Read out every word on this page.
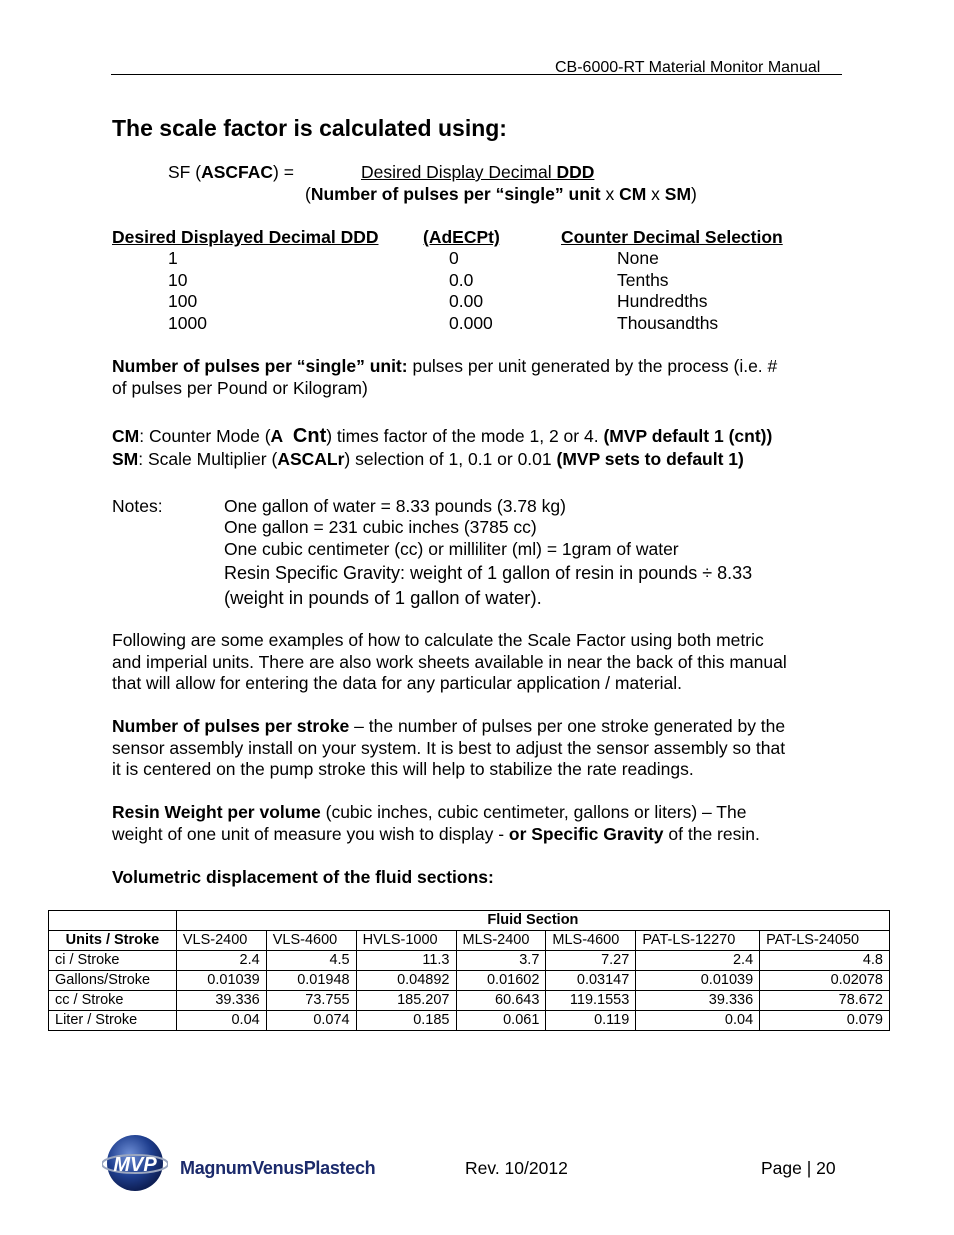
CB-6000-RT Material Monitor Manual
The scale factor is calculated using:
SF (ASCFAC) =	Desired Display Decimal DDD
(Number of pulses per “single” unit x CM x SM)
Desired Displayed Decimal DDD	(AdECPt)	Counter Decimal Selection
1	0	None
10	0.0	Tenths
100	0.00	Hundredths
1000	0.000	Thousandths
Number of pulses per “single” unit: pulses per unit generated by the process (i.e. #
of pulses per Pound or Kilogram)
CM: Counter Mode (A Cnt) times factor of the mode 1, 2 or 4. (MVP default 1 (cnt))
SM: Scale Multiplier (ASCALr) selection of 1, 0.1 or 0.01 (MVP sets to default 1)
Notes:	One gallon of water = 8.33 pounds (3.78 kg)
One gallon = 231 cubic inches (3785 cc)
One cubic centimeter (cc) or milliliter (ml) = 1gram of water
Resin Specific Gravity: weight of 1 gallon of resin in pounds ÷ 8.33
(weight in pounds of 1 gallon of water).
Following are some examples of how to calculate the Scale Factor using both metric
and imperial units. There are also work sheets available in near the back of this manual
that will allow for entering the data for any particular application / material.
Number of pulses per stroke – the number of pulses per one stroke generated by the
sensor assembly install on your system. It is best to adjust the sensor assembly so that
it is centered on the pump stroke this will help to stabilize the rate readings.
Resin Weight per volume (cubic inches, cubic centimeter, gallons or liters) – The
weight of one unit of measure you wish to display - or Specific Gravity of the resin.
Volumetric displacement of the fluid sections:
	Fluid Section						
Units / Stroke	VLS-2400	VLS-4600	HVLS-1000	MLS-2400	MLS-4600	PAT-LS-12270	PAT-LS-24050
ci / Stroke	2.4	4.5	11.3	3.7	7.27	2.4	4.8
Gallons/Stroke	0.01039	0.01948	0.04892	0.01602	0.03147	0.01039	0.02078
cc / Stroke	39.336	73.755	185.207	60.643	119.1553	39.336	78.672
Liter / Stroke	0.04	0.074	0.185	0.061	0.119	0.04	0.079
MVP MagnumVenusPlastech	Rev. 10/2012	Page | 20
